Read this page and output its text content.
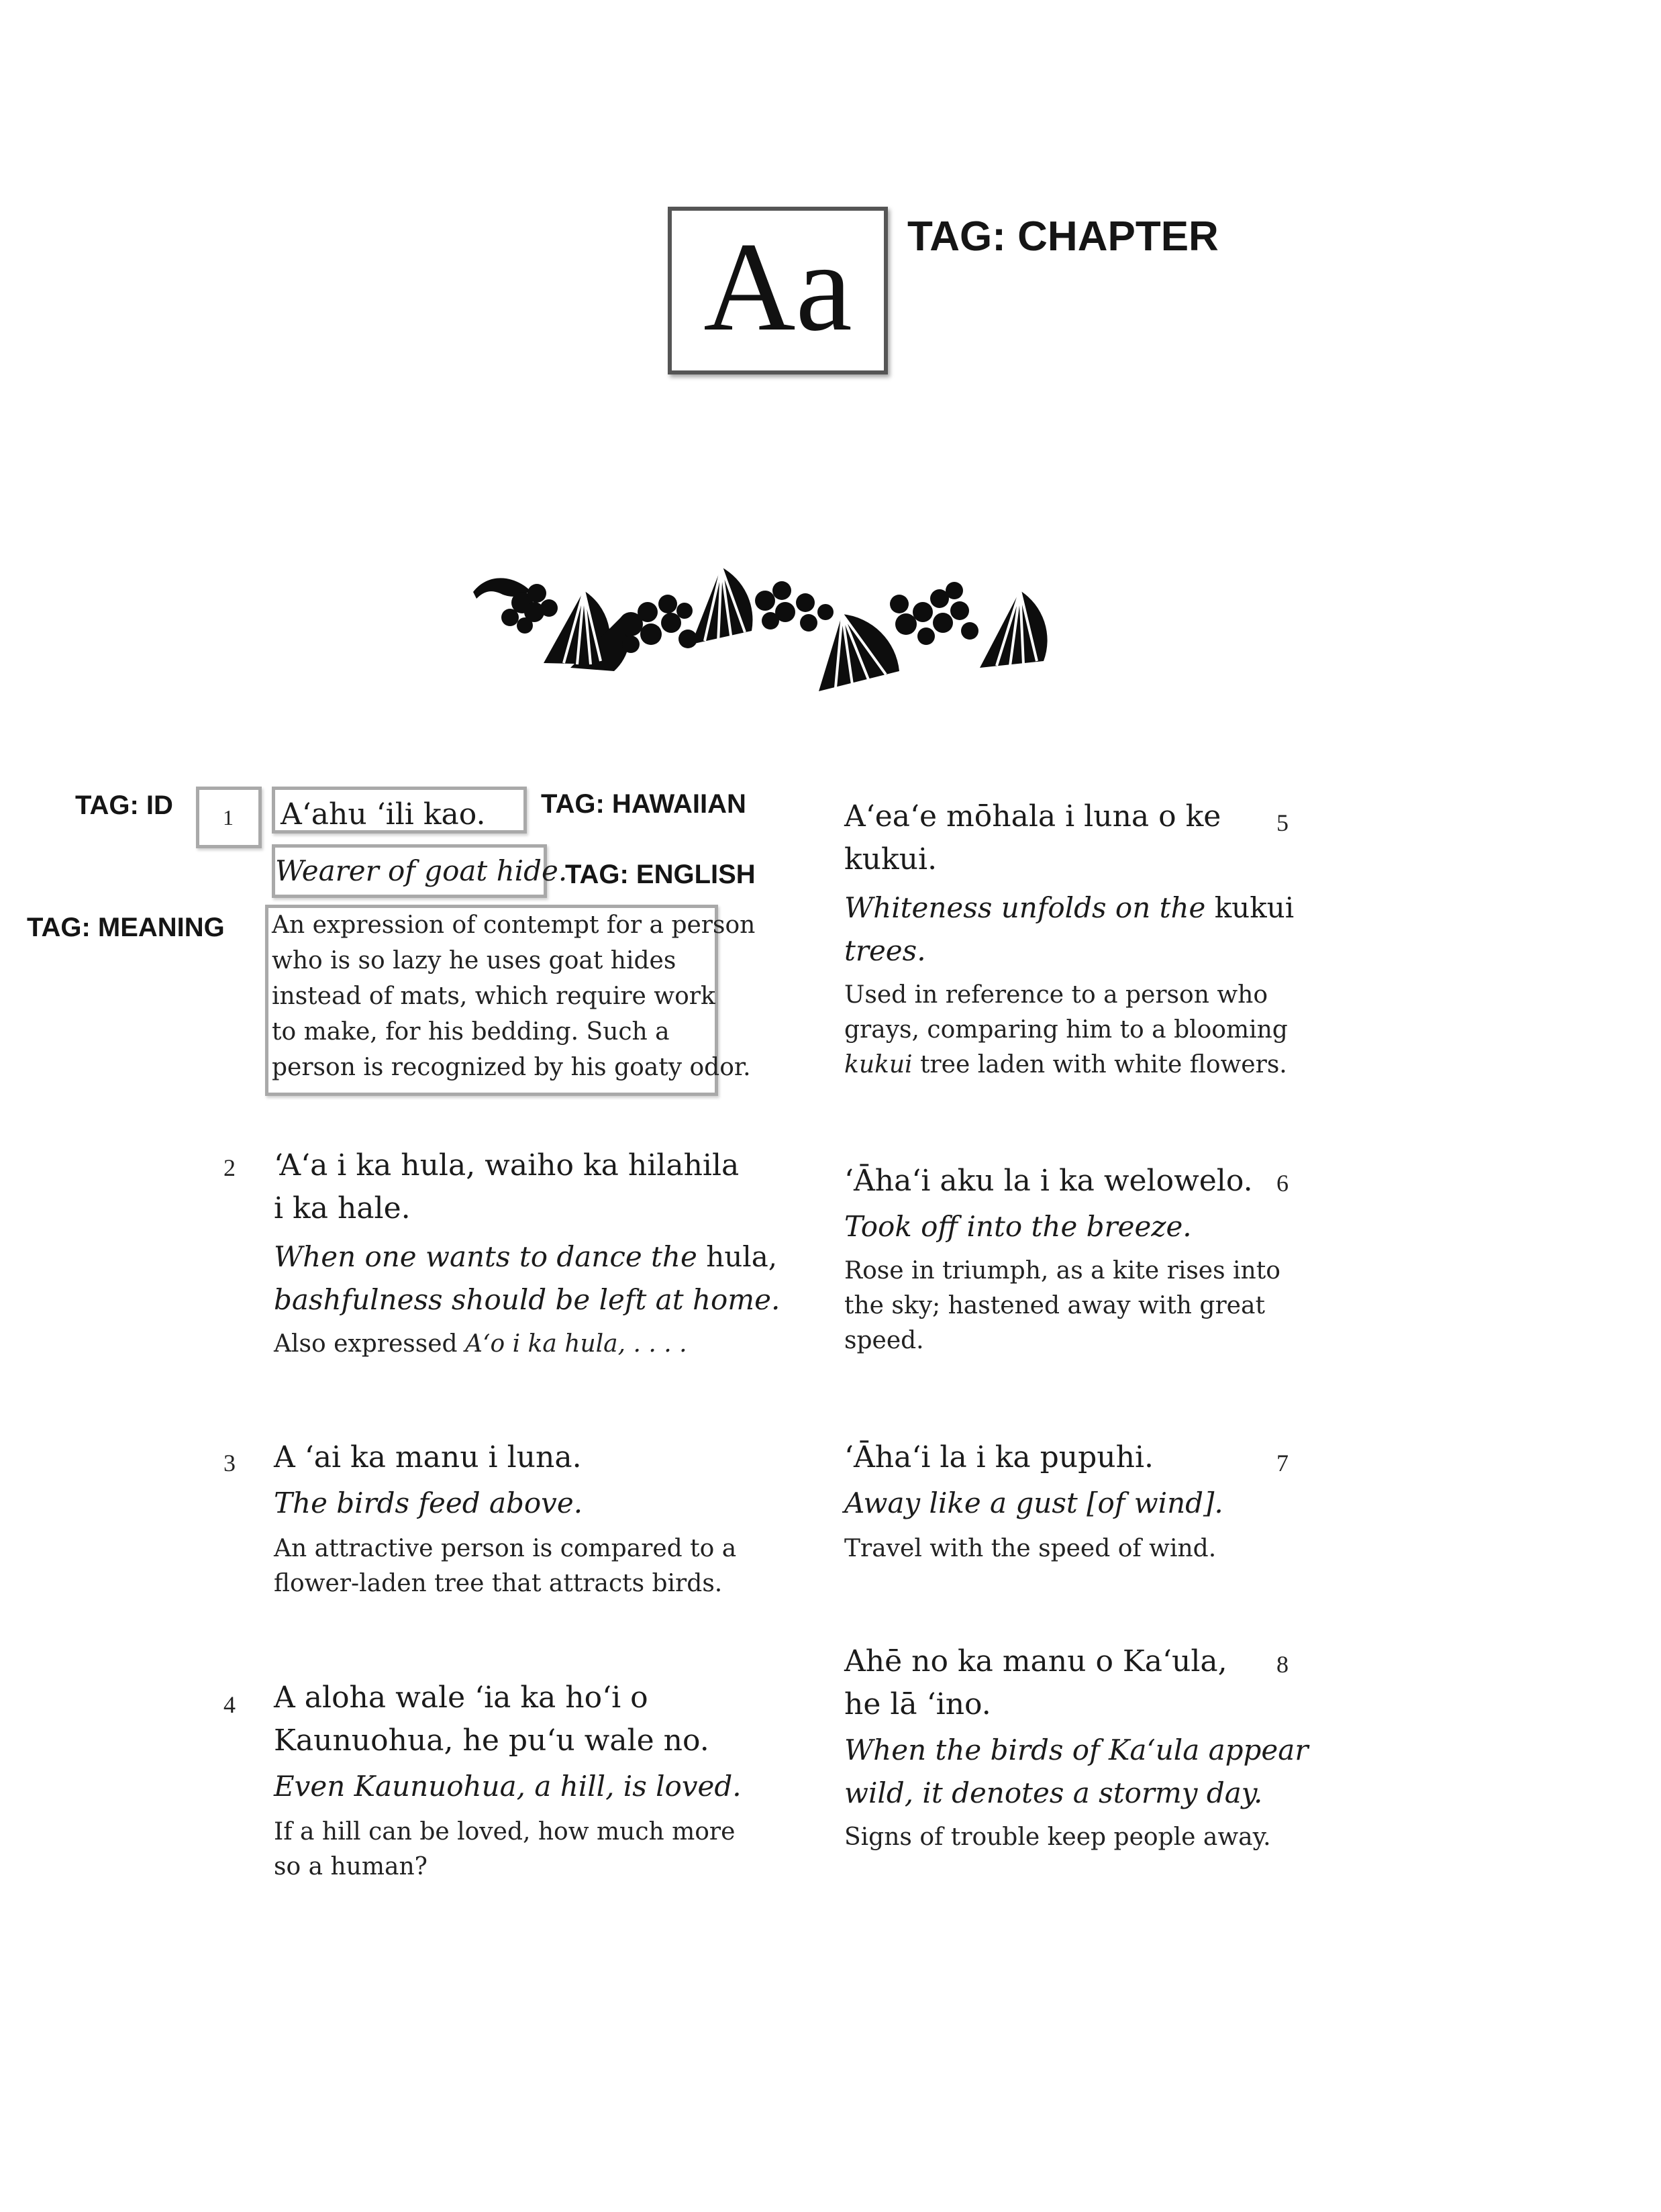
Aa TAG: CHAPTER
TAG: ID 1 Aʻahu ʻili kao. TAG: HAWAIIAN
Wearer of goat hide.
TAG: ENGLISH
TAG: MEANING An expression of contempt for a person
who is so lazy he uses goat hides
instead of mats, which require work
to make, for his bedding. Such a
person is recognized by his goaty odor.
2 ʻAʻa i ka hula, waiho ka hilahila
i ka hale.
When one wants to dance the hula,
bashfulness should be left at home.
Also expressed Aʻo i ka hula, . . . .
3 A ʻai ka manu i luna.
The birds feed above.
An attractive person is compared to a
flower-laden tree that attracts birds.
4 A aloha wale ʻia ka hoʻi o
Kaunuohua, he puʻu wale no.
Even Kaunuohua, a hill, is loved.
If a hill can be loved, how much more
so a human?
5
Aʻeaʻe mōhala i luna o ke
kukui.
Whiteness unfolds on the kukui
trees.
Used in reference to a person who
grays, comparing him to a blooming
kukui tree laden with white flowers.
6
ʻĀhaʻi aku la i ka welowelo.
Took off into the breeze.
Rose in triumph, as a kite rises into
the sky; hastened away with great
speed.
7
ʻĀhaʻi la i ka pupuhi.
Away like a gust [of wind].
Travel with the speed of wind.
8
Ahē no ka manu o Kaʻula,
he lā ʻino.
When the birds of Kaʻula appear
wild, it denotes a stormy day.
Signs of trouble keep people away.
